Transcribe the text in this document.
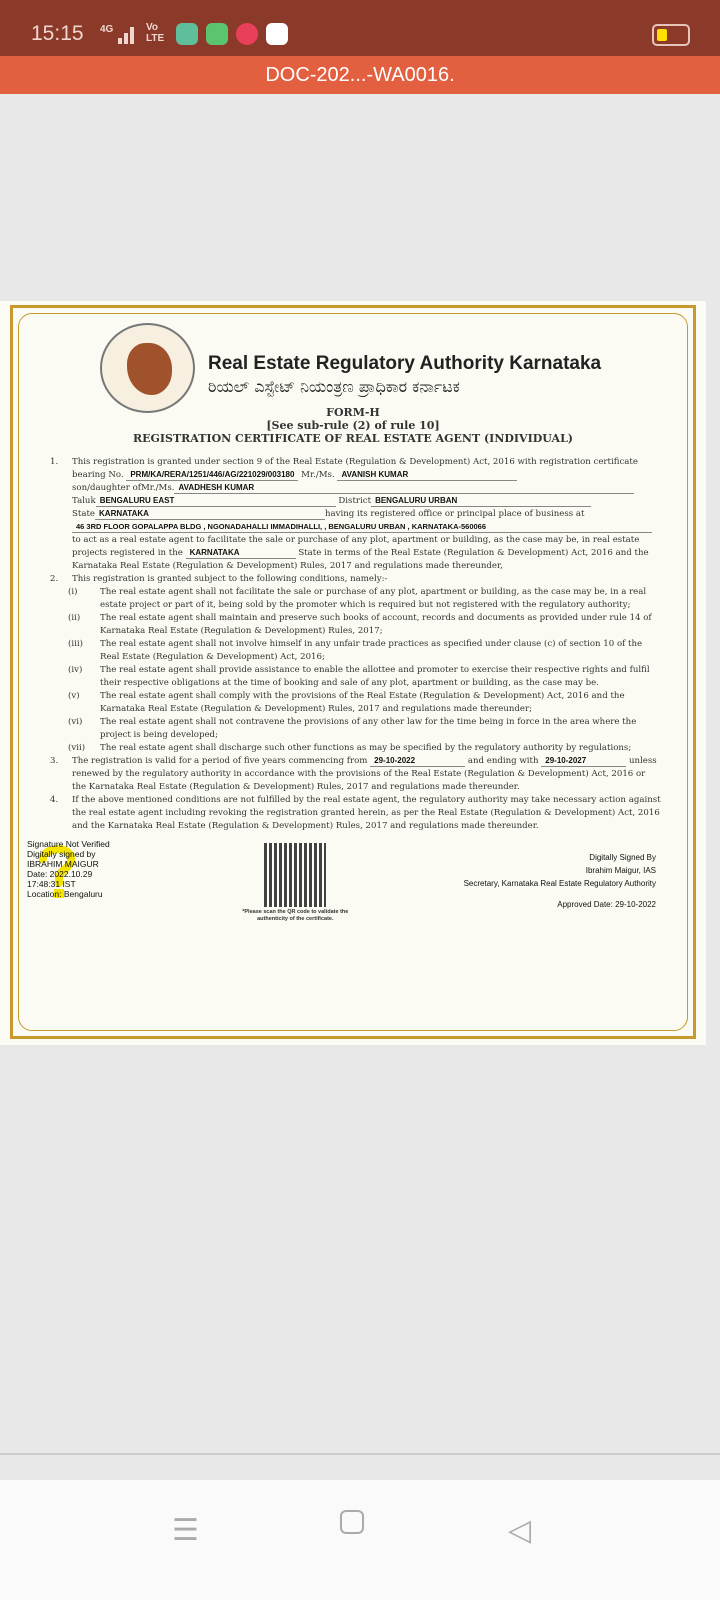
15:15 4G	Vo LTE
DOC-202...-WA0016.
Real Estate Regulatory Authority Karnataka
ರಿಯಲ್ ಎಸ್ಟೇಟ್ ನಿಯಂತ್ರಣ ಪ್ರಾಧಿಕಾರ ಕರ್ನಾಟಕ
FORM-H
[See sub-rule (2) of rule 10]
REGISTRATION CERTIFICATE OF REAL ESTATE AGENT (INDIVIDUAL)
1. This registration is granted under section 9 of the Real Estate (Regulation & Development) Act, 2016 with registration certificate bearing No. PRM/KA/RERA/1251/446/AG/221029/003180 Mr./Ms. AVANISH KUMAR
son/daughter ofMr./Ms. AVADHESH KUMAR
Taluk BENGALURU EAST	District BENGALURU URBAN
State KARNATAKA	having its registered office or principal place of business at
46 3RD FLOOR GOPALAPPA BLDG , NGONADAHALLI IMMADIHALLI, , BENGALURU URBAN , KARNATAKA-560066
to act as a real estate agent to facilitate the sale or purchase of any plot, apartment or building, as the case may be, in real estate projects registered in the KARNATAKA	State in terms of the Real Estate (Regulation & Development) Act, 2016 and the Karnataka Real Estate (Regulation & Development) Rules, 2017 and regulations made thereunder,
2. This registration is granted subject to the following conditions, namely:-
(i)	The real estate agent shall not facilitate the sale or purchase of any plot, apartment or building, as the case may be, in a real estate project or part of it, being sold by the promoter which is required but not registered with the regulatory authority;
(ii) The real estate agent shall maintain and preserve such books of account, records and documents as provided under rule 14 of Karnataka Real Estate (Regulation & Development) Rules, 2017;
(iii) The real estate agent shall not involve himself in any unfair trade practices as specified under clause (c) of section 10 of the Real Estate (Regulation & Development) Act, 2016;
(iv) The real estate agent shall provide assistance to enable the allottee and promoter to exercise their respective rights and fulfil their respective obligations at the time of booking and sale of any plot, apartment or building, as the case may be.
(v) The real estate agent shall comply with the provisions of the Real Estate (Regulation & Development) Act, 2016 and the Karnataka Real Estate (Regulation & Development) Rules, 2017 and regulations made thereunder;
(vi) The real estate agent shall not contravene the provisions of any other law for the time being in force in the area where the project is being developed;
(vii) The real estate agent shall discharge such other functions as may be specified by the regulatory authority by regulations;
3. The registration is valid for a period of five years commencing from 29-10-2022	and ending with 29-10-2027	unless renewed by the regulatory authority in accordance with the provisions of the Real Estate (Regulation & Development) Act, 2016 or the Karnataka Real Estate (Regulation & Development) Rules, 2017 and regulations made thereunder.
4. If the above mentioned conditions are not fulfilled by the real estate agent, the regulatory authority may take necessary action against the real estate agent including revoking the registration granted herein, as per the Real Estate (Regulation & Development) Act, 2016 and the Karnataka Real Estate (Regulation & Development) Rules, 2017 and regulations made thereunder.
Signature Not Verified
Digitally signed by IBRAHIM MAIGUR
Date: 2022.10.29 17:48:31 IST
Location: Bengaluru
*Please scan the QR code to validate the authenticity of the certificate.
Digitally Signed By
Ibrahim Maigur, IAS
Secretary, Karnataka Real Estate Regulatory Authority
Approved Date: 29-10-2022
☰	◁
